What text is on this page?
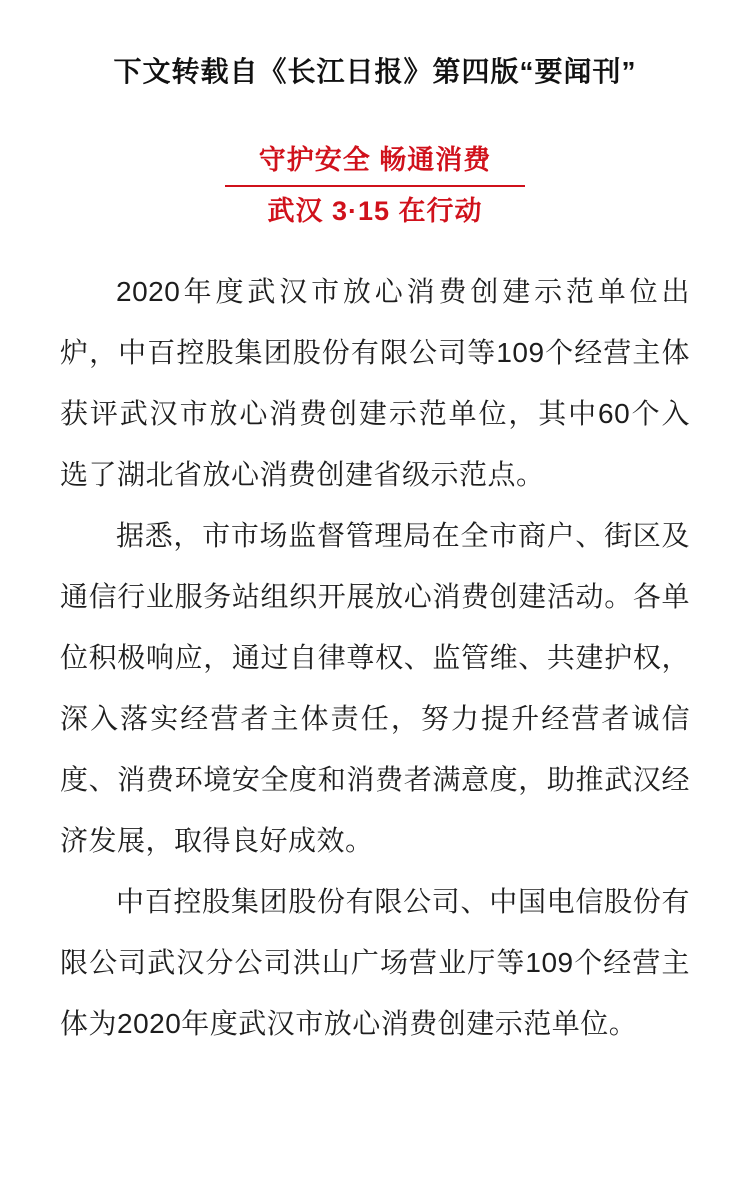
下文转载自《长江日报》第四版“要闻刊”
守护安全 畅通消费
武汉 3·15 在行动

2020年度武汉市放心消费创建示范单位出炉，中百控股集团股份有限公司等109个经营主体获评武汉市放心消费创建示范单位，其中60个入选了湖北省放心消费创建省级示范点。

据悉，市市场监督管理局在全市商户、街区及通信行业服务站组织开展放心消费创建活动。各单位积极响应，通过自律尊权、监管维、共建护权，深入落实经营者主体责任，努力提升经营者诚信度、消费环境安全度和消费者满意度，助推武汉经济发展，取得良好成效。

中百控股集团股份有限公司、中国电信股份有限公司武汉分公司洪山广场营业厅等109个经营主体为2020年度武汉市放心消费创建示范单位。
